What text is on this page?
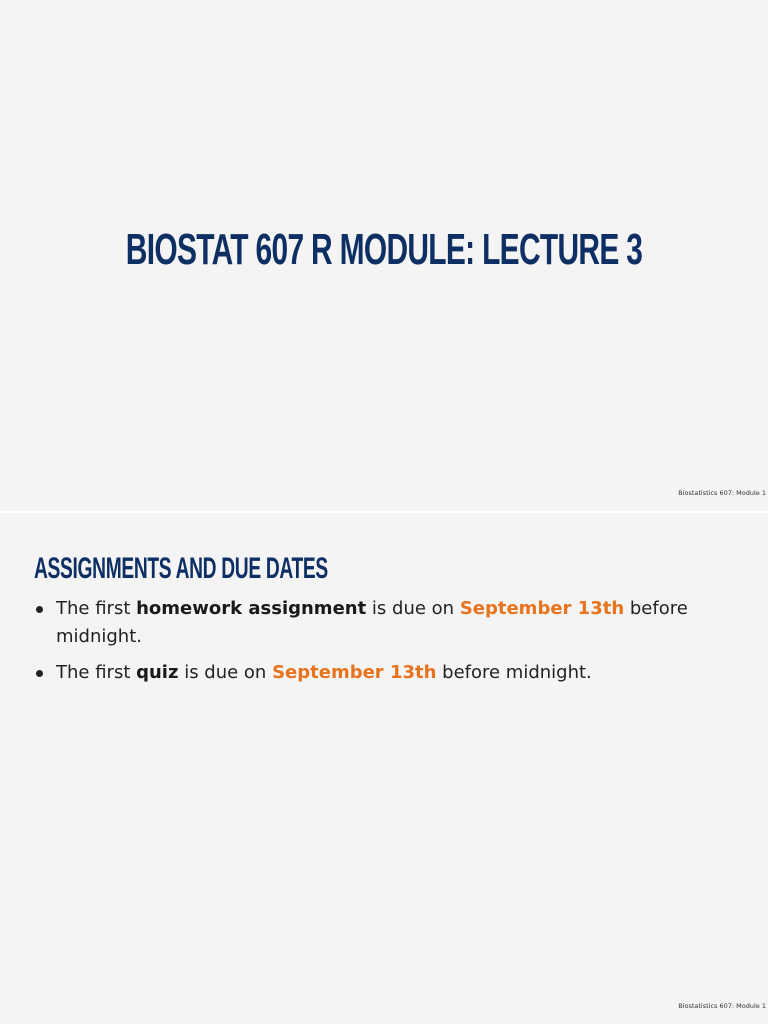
BIOSTAT 607 R MODULE: LECTURE 3
Biostatistics 607: Module 1
ASSIGNMENTS AND DUE DATES
The first homework assignment is due on September 13th before midnight.
The first quiz is due on September 13th before midnight.
Biostatistics 607: Module 1
